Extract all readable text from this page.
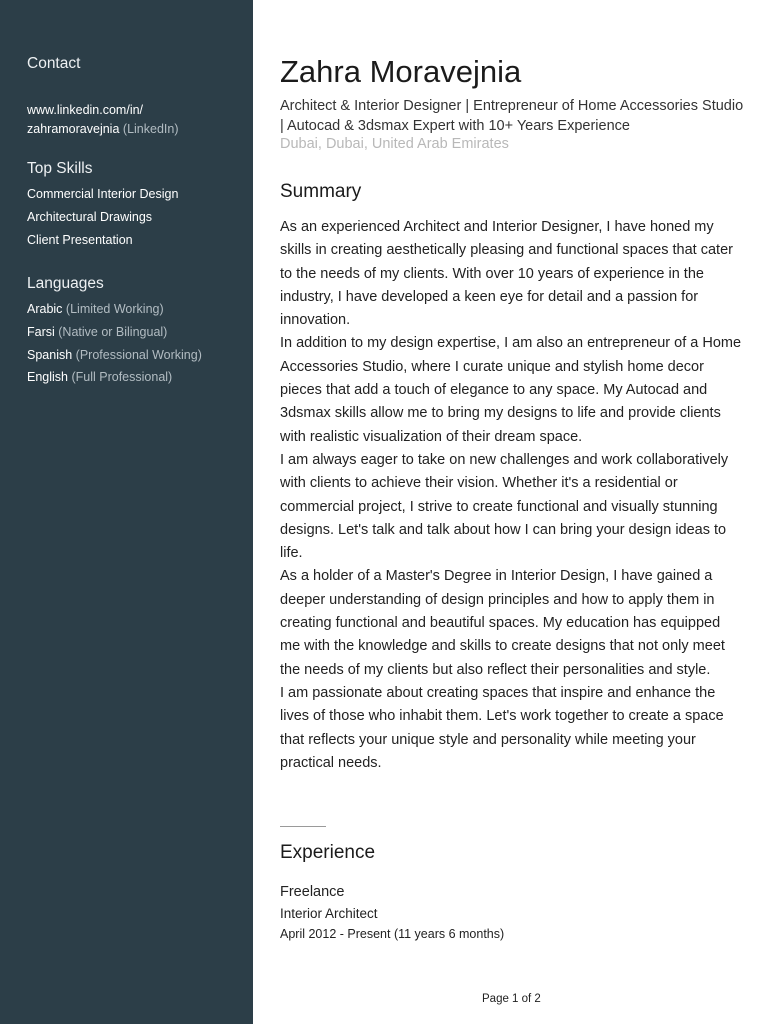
Contact
www.linkedin.com/in/
zahramoravejnia (LinkedIn)
Top Skills
Commercial Interior Design
Architectural Drawings
Client Presentation
Languages
Arabic (Limited Working)
Farsi (Native or Bilingual)
Spanish (Professional Working)
English (Full Professional)
Zahra Moravejnia
Architect & Interior Designer | Entrepreneur of Home Accessories Studio | Autocad & 3dsmax Expert with 10+ Years Experience
Dubai, Dubai, United Arab Emirates
Summary

As an experienced Architect and Interior Designer, I have honed my skills in creating aesthetically pleasing and functional spaces that cater to the needs of my clients. With over 10 years of experience in the industry, I have developed a keen eye for detail and a passion for innovation.

In addition to my design expertise, I am also an entrepreneur of a Home Accessories Studio, where I curate unique and stylish home decor pieces that add a touch of elegance to any space. My Autocad and 3dsmax skills allow me to bring my designs to life and provide clients with realistic visualization of their dream space.

I am always eager to take on new challenges and work collaboratively with clients to achieve their vision. Whether it's a residential or commercial project, I strive to create functional and visually stunning designs. Let's talk and talk about how I can bring your design ideas to life.

As a holder of a Master's Degree in Interior Design, I have gained a deeper understanding of design principles and how to apply them in creating functional and beautiful spaces. My education has equipped me with the knowledge and skills to create designs that not only meet the needs of my clients but also reflect their personalities and style.

I am passionate about creating spaces that inspire and enhance the lives of those who inhabit them. Let's work together to create a space that reflects your unique style and personality while meeting your practical needs.

Experience
Freelance
Interior Architect
April 2012 - Present (11 years 6 months)
Page 1 of 2
